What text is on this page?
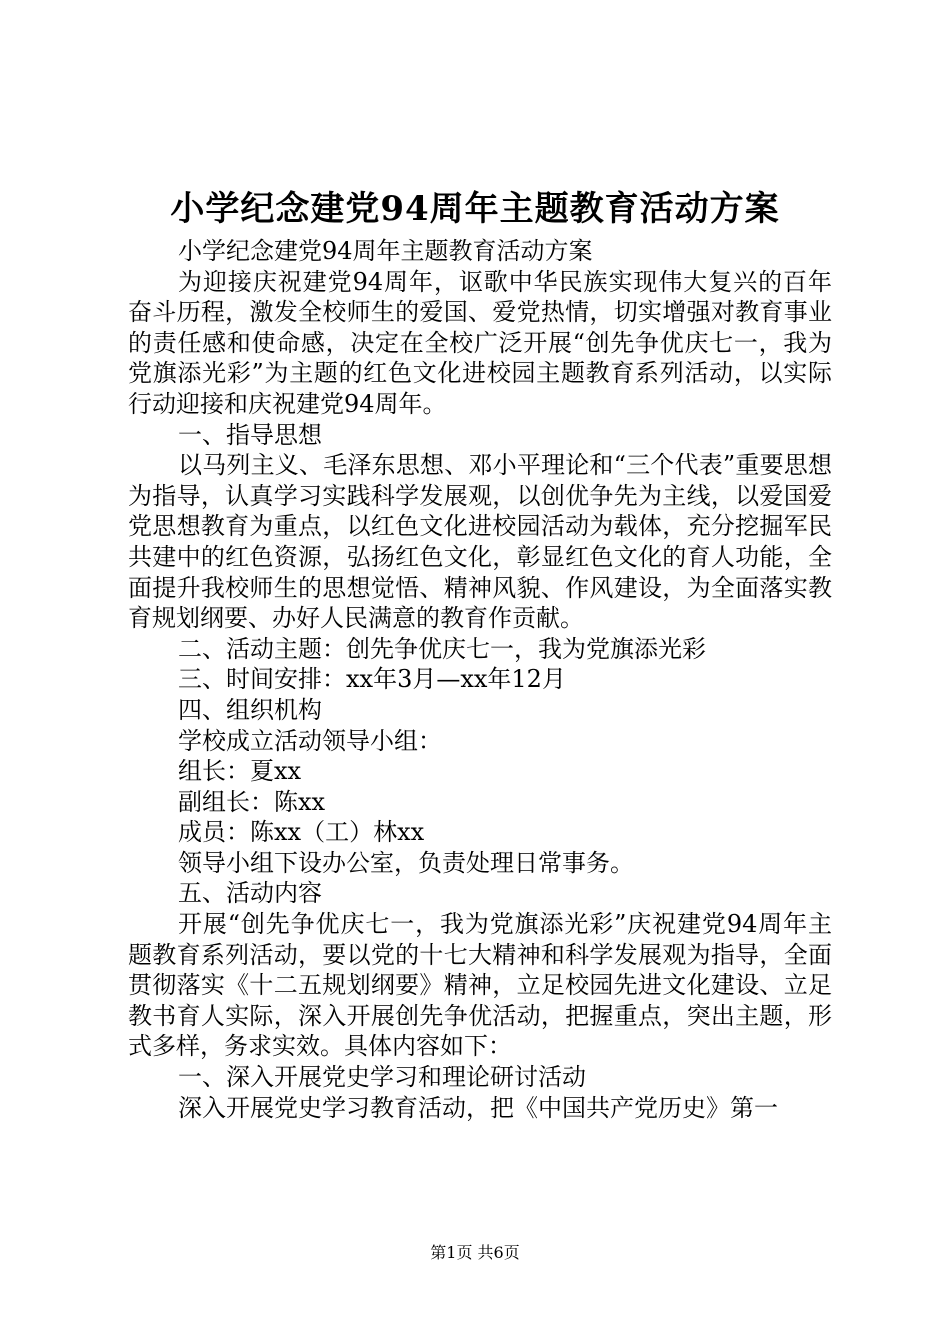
小学纪念建党94周年主题教育活动方案

小学纪念建党94周年主题教育活动方案

为迎接庆祝建党94周年，讴歌中华民族实现伟大复兴的百年奋斗历程，激发全校师生的爱国、爱党热情，切实增强对教育事业的责任感和使命感，决定在全校广泛开展“创先争优庆七一，我为党旗添光彩”为主题的红色文化进校园主题教育系列活动，以实际行动迎接和庆祝建党94周年。

一、指导思想

以马列主义、毛泽东思想、邓小平理论和“三个代表”重要思想为指导，认真学习实践科学发展观，以创优争先为主线，以爱国爱党思想教育为重点，以红色文化进校园活动为载体，充分挖掘军民共建中的红色资源，弘扬红色文化，彰显红色文化的育人功能，全面提升我校师生的思想觉悟、精神风貌、作风建设，为全面落实教育规划纲要、办好人民满意的教育作贡献。

二、活动主题：创先争优庆七一，我为党旗添光彩

三、时间安排：xx年3月—xx年12月

四、组织机构

学校成立活动领导小组：

组长：夏xx

副组长：陈xx

成员：陈xx（工）林xx

领导小组下设办公室，负责处理日常事务。

五、活动内容

开展“创先争优庆七一，我为党旗添光彩”庆祝建党94周年主题教育系列活动，要以党的十七大精神和科学发展观为指导，全面贯彻落实《十二五规划纲要》精神，立足校园先进文化建设、立足教书育人实际，深入开展创先争优活动，把握重点，突出主题，形式多样，务求实效。具体内容如下：

一、深入开展党史学习和理论研讨活动

深入开展党史学习教育活动，把《中国共产党历史》第一

第1页 共6页
